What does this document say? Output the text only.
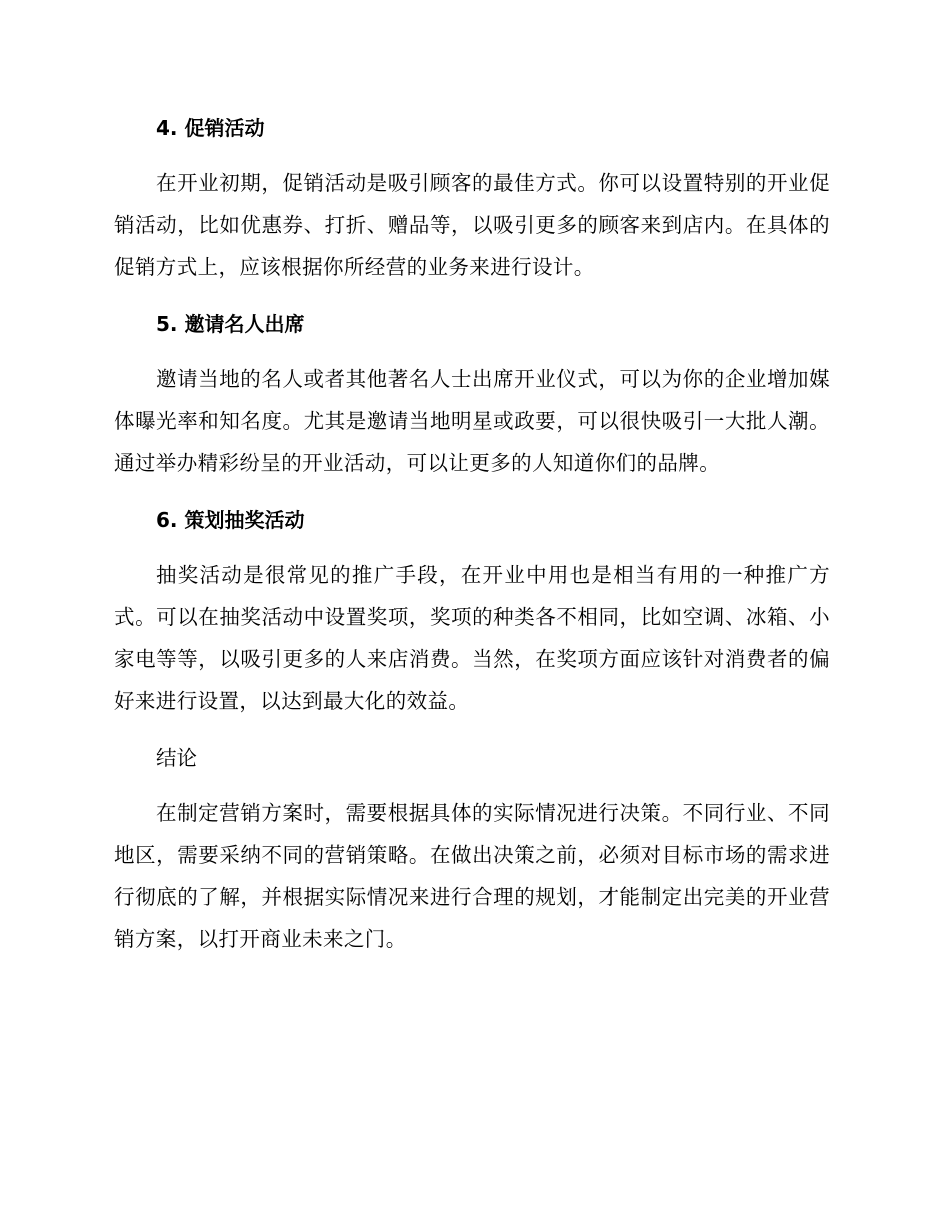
4. 促销活动

在开业初期，促销活动是吸引顾客的最佳方式。你可以设置特别的开业促销活动，比如优惠券、打折、赠品等，以吸引更多的顾客来到店内。在具体的促销方式上，应该根据你所经营的业务来进行设计。

5. 邀请名人出席

邀请当地的名人或者其他著名人士出席开业仪式，可以为你的企业增加媒体曝光率和知名度。尤其是邀请当地明星或政要，可以很快吸引一大批人潮。通过举办精彩纷呈的开业活动，可以让更多的人知道你们的品牌。

6. 策划抽奖活动

抽奖活动是很常见的推广手段，在开业中用也是相当有用的一种推广方式。可以在抽奖活动中设置奖项，奖项的种类各不相同，比如空调、冰箱、小家电等等，以吸引更多的人来店消费。当然，在奖项方面应该针对消费者的偏好来进行设置，以达到最大化的效益。

结论

在制定营销方案时，需要根据具体的实际情况进行决策。不同行业、不同地区，需要采纳不同的营销策略。在做出决策之前，必须对目标市场的需求进行彻底的了解，并根据实际情况来进行合理的规划，才能制定出完美的开业营销方案，以打开商业未来之门。
